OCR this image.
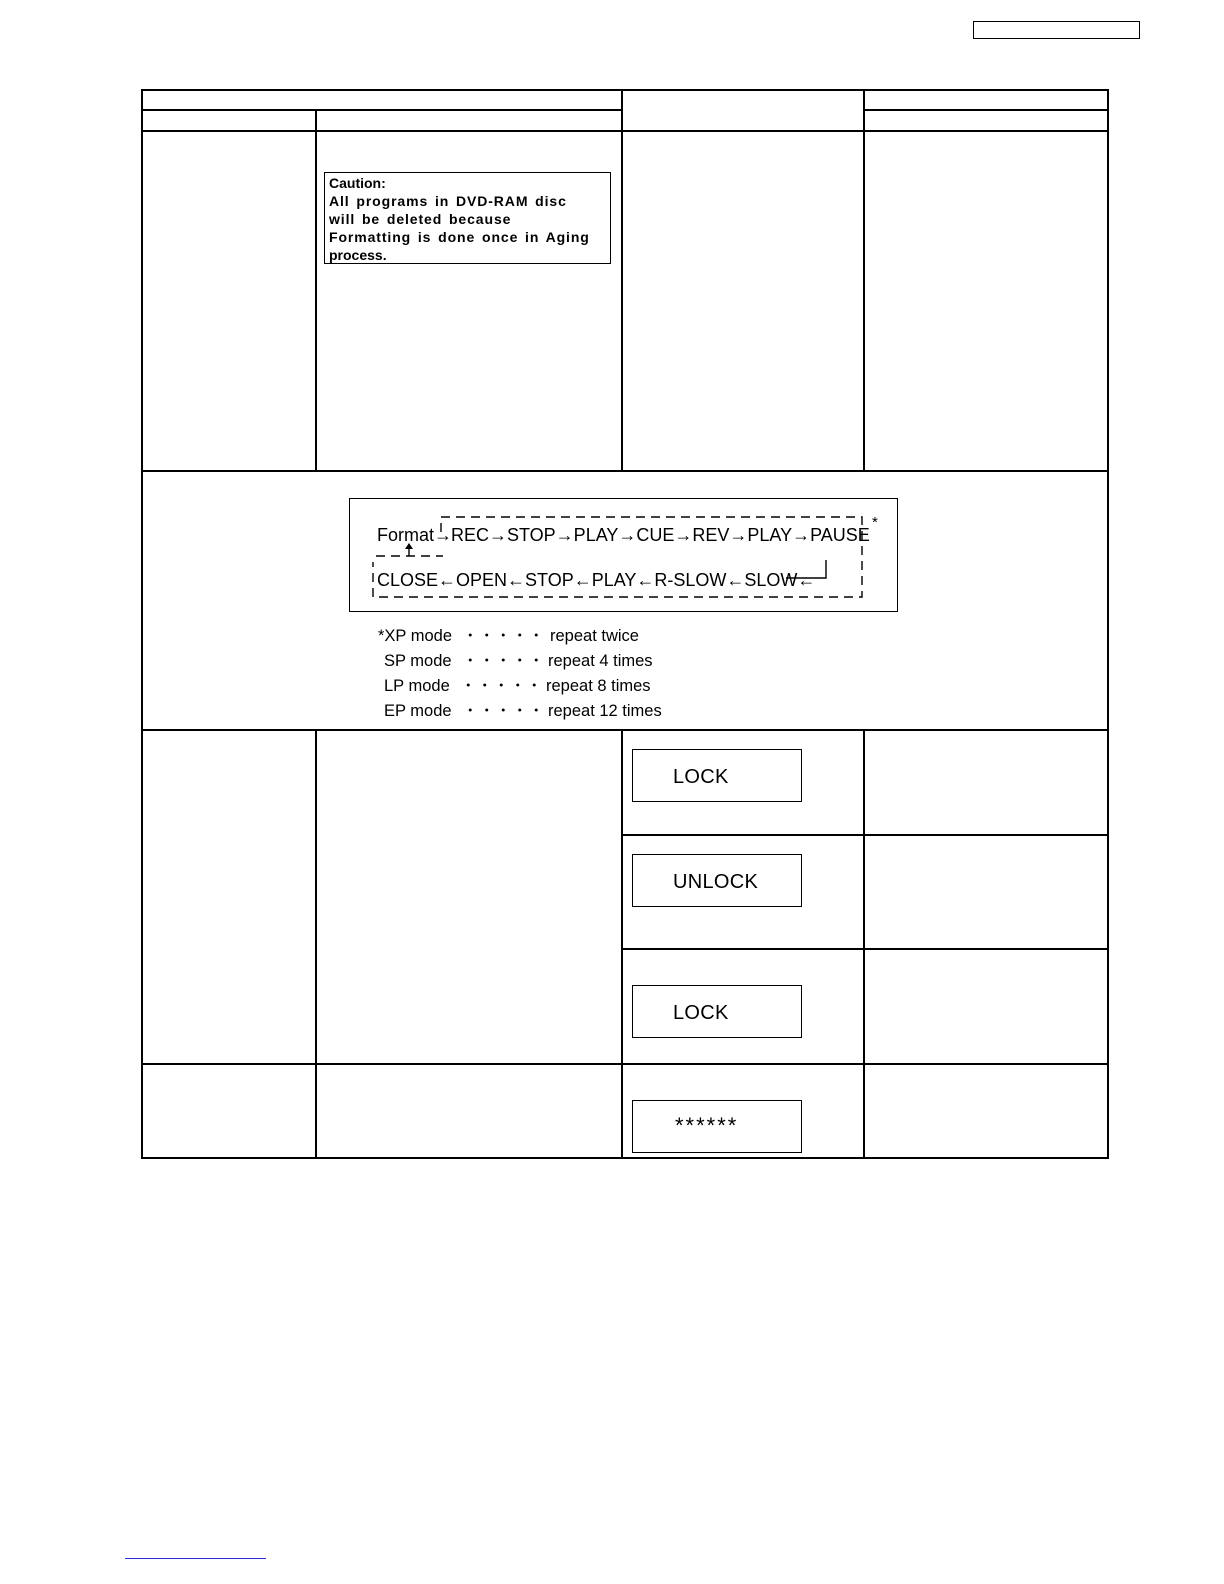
Caution:
All programs in DVD-RAM disc
will be deleted because
Formatting is done once in Aging
process.
Format → REC→STOP→PLAY→CUE→REV→PLAY→PAUSE
CLOSE←OPEN←STOP←PLAY←R-SLOW←SLOW←
*
*XP mode ・・・・・ repeat twice
SP mode ・・・・・ repeat 4 times
LP mode ・・・・・ repeat 8 times
EP mode ・・・・・ repeat 12 times
LOCK
UNLOCK
LOCK
******
